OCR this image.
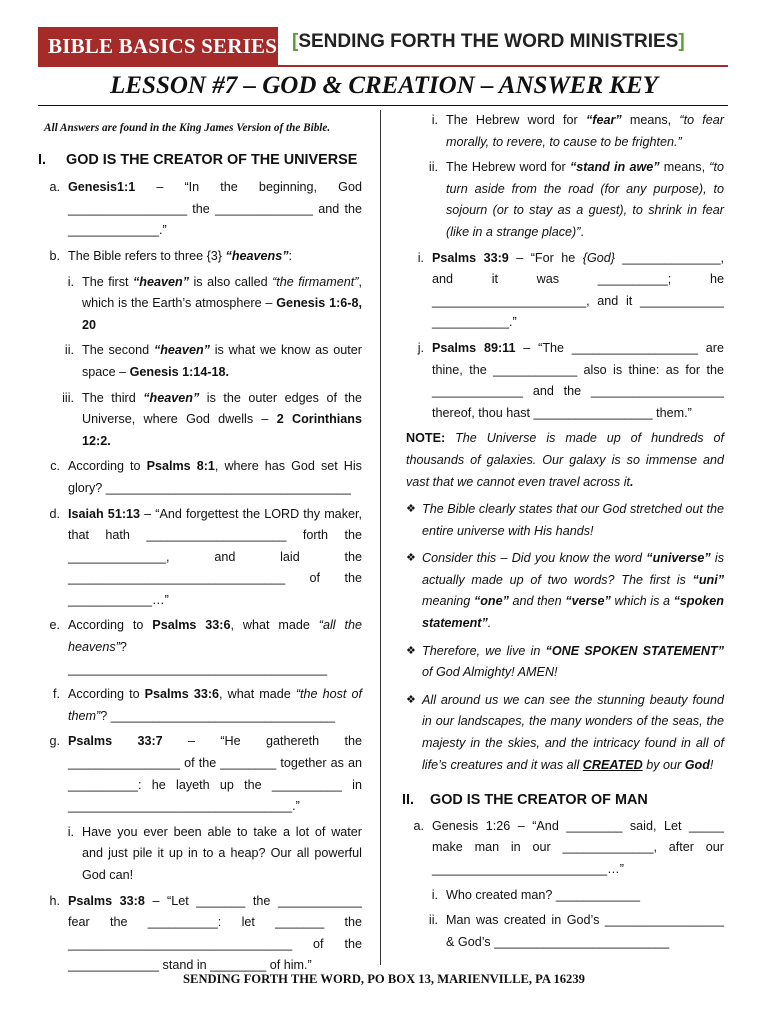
BIBLE BASICS SERIES [SENDING FORTH THE WORD MINISTRIES]
LESSON #7 – GOD & CREATION – ANSWER KEY
All Answers are found in the King James Version of the Bible.
I.	GOD IS THE CREATOR OF THE UNIVERSE
a. Genesis1:1 – “In the beginning, God _________________ the ______________ and the _____________.”
b. The Bible refers to three {3} “heavens”:
i. The first “heaven” is also called “the firmament”, which is the Earth’s atmosphere – Genesis 1:6-8, 20
ii. The second “heaven” is what we know as outer space – Genesis 1:14-18.
iii. The third “heaven” is the outer edges of the Universe, where God dwells – 2 Corinthians 12:2.
c. According to Psalms 8:1, where has God set His glory? ___________________________________
d. Isaiah 51:13 – “And forgettest the LORD thy maker, that hath ____________________ forth the ______________, and laid the _______________________________ of the ____________…”
e. According to Psalms 33:6, what made “all the heavens”? _____________________________________
f. According to Psalms 33:6, what made “the host of them”? ________________________________
g. Psalms 33:7 – “He gathereth the ________________ of the ________ together as an __________: he layeth up the __________ in ________________________________.”
i. Have you ever been able to take a lot of water and just pile it up in to a heap? Our all powerful God can!
h. Psalms 33:8 – “Let _______ the ____________ fear the __________: let _______ the ________________________________ of the _____________ stand in ________ of him.”
i. The Hebrew word for “fear” means, “to fear morally, to revere, to cause to be frighten.”
ii. The Hebrew word for “stand in awe” means, “to turn aside from the road (for any purpose), to sojourn (or to stay as a guest), to shrink in fear (like in a strange place)”.
i. Psalms 33:9 – “For he {God} ______________, and it was __________; he ______________________, and it ____________ ___________.”
j. Psalms 89:11 – “The __________________ are thine, the ____________ also is thine: as for the _____________ and the ___________________ thereof, thou hast _________________ them.”
NOTE: The Universe is made up of hundreds of thousands of galaxies. Our galaxy is so immense and vast that we cannot even travel across it.
❖ The Bible clearly states that our God stretched out the entire universe with His hands!
❖ Consider this – Did you know the word “universe” is actually made up of two words? The first is “uni” meaning “one” and then “verse” which is a “spoken statement”.
❖ Therefore, we live in “ONE SPOKEN STATEMENT” of God Almighty! AMEN!
❖ All around us we can see the stunning beauty found in our landscapes, the many wonders of the seas, the majesty in the skies, and the intricacy found in all of life’s creatures and it was all CREATED by our God!
II.	GOD IS THE CREATOR OF MAN
a. Genesis 1:26 – “And ________ said, Let _____ make man in our _____________, after our _________________________…”
i. Who created man? ____________
ii. Man was created in God’s _________________ & God’s _________________________
SENDING FORTH THE WORD, PO BOX 13, MARIENVILLE, PA 16239
